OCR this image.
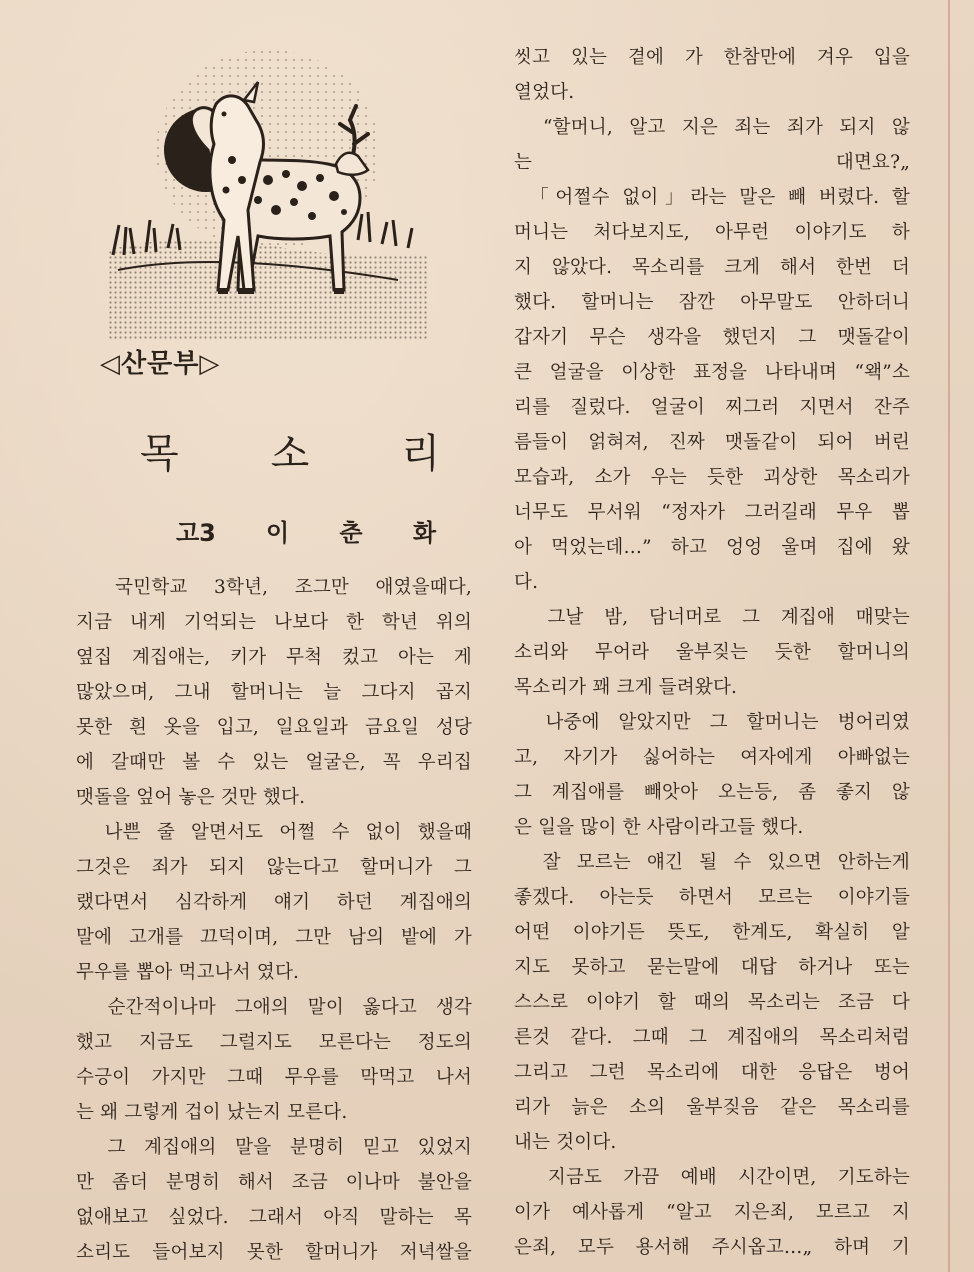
◁산문부▷
목 소 리
고3 이 춘 화

　국민학교 3학년, 조그만 애였을때다,

지금 내게 기억되는 나보다 한 학년 위의

옆집 계집애는, 키가 무척 컸고 아는 게

많았으며, 그내 할머니는 늘 그다지 곱지

못한 흰 옷을 입고, 일요일과 금요일 성당

에 갈때만 볼 수 있는 얼굴은, 꼭 우리집

맷돌을 엎어 놓은 것만 했다.

　나쁜 줄 알면서도 어쩔 수 없이 했을때

그것은 죄가 되지 않는다고 할머니가 그

랬다면서 심각하게 얘기 하던 계집애의

말에 고개를 끄덕이며, 그만 남의 밭에 가

무우를 뽑아 먹고나서 였다.

　순간적이나마 그애의 말이 옳다고 생각

했고 지금도 그럴지도 모른다는 정도의

수긍이 가지만 그때 무우를 막먹고 나서

는 왜 그렇게 겁이 났는지 모른다.

　그 계집애의 말을 분명히 믿고 있었지

만 좀더 분명히 해서 조금 이나마 불안을

없애보고 싶었다. 그래서 아직 말하는 목

소리도 들어보지 못한 할머니가 저녁쌀을

씻고 있는 곁에 가 한참만에 겨우 입을

열었다.

　“할머니, 알고 지은 죄는 죄가 되지 않

는 대면요?„

　「어쩔수 없이」라는 말은 빼 버렸다. 할

머니는 처다보지도, 아무런 이야기도 하

지 않았다. 목소리를 크게 해서 한번 더

했다. 할머니는 잠깐 아무말도 안하더니

갑자기 무슨 생각을 했던지 그 맷돌같이

큰 얼굴을 이상한 표정을 나타내며 “왝”소

리를 질렀다. 얼굴이 찌그러 지면서 잔주

름들이 얽혀져, 진짜 맷돌같이 되어 버린

모습과, 소가 우는 듯한 괴상한 목소리가

너무도 무서워 “정자가 그러길래 무우 뽑

아 먹었는데…” 하고 엉엉 울며 집에 왔

다.

　그날 밤, 담너머로 그 계집애 매맞는

소리와 무어라 울부짖는 듯한 할머니의

목소리가 꽤 크게 들려왔다.

　나중에 알았지만 그 할머니는 벙어리였

고, 자기가 싫어하는 여자에게 아빠없는

그 계집애를 빼앗아 오는등, 좀 좋지 않

은 일을 많이 한 사람이라고들 했다.

　잘 모르는 얘긴 될 수 있으면 안하는게

좋겠다. 아는듯 하면서 모르는 이야기들

어떤 이야기든 뜻도, 한계도, 확실히 알

지도 못하고 묻는말에 대답 하거나 또는

스스로 이야기 할 때의 목소리는 조금 다

른것 같다. 그때 그 계집애의 목소리처럼

그리고 그런 목소리에 대한 응답은 벙어

리가 늙은 소의 울부짖음 같은 목소리를

내는 것이다.

　지금도 가끔 예배 시간이면, 기도하는

이가 예사롭게 “알고 지은죄, 모르고 지

은죄, 모두 용서해 주시옵고…„ 하며 기
